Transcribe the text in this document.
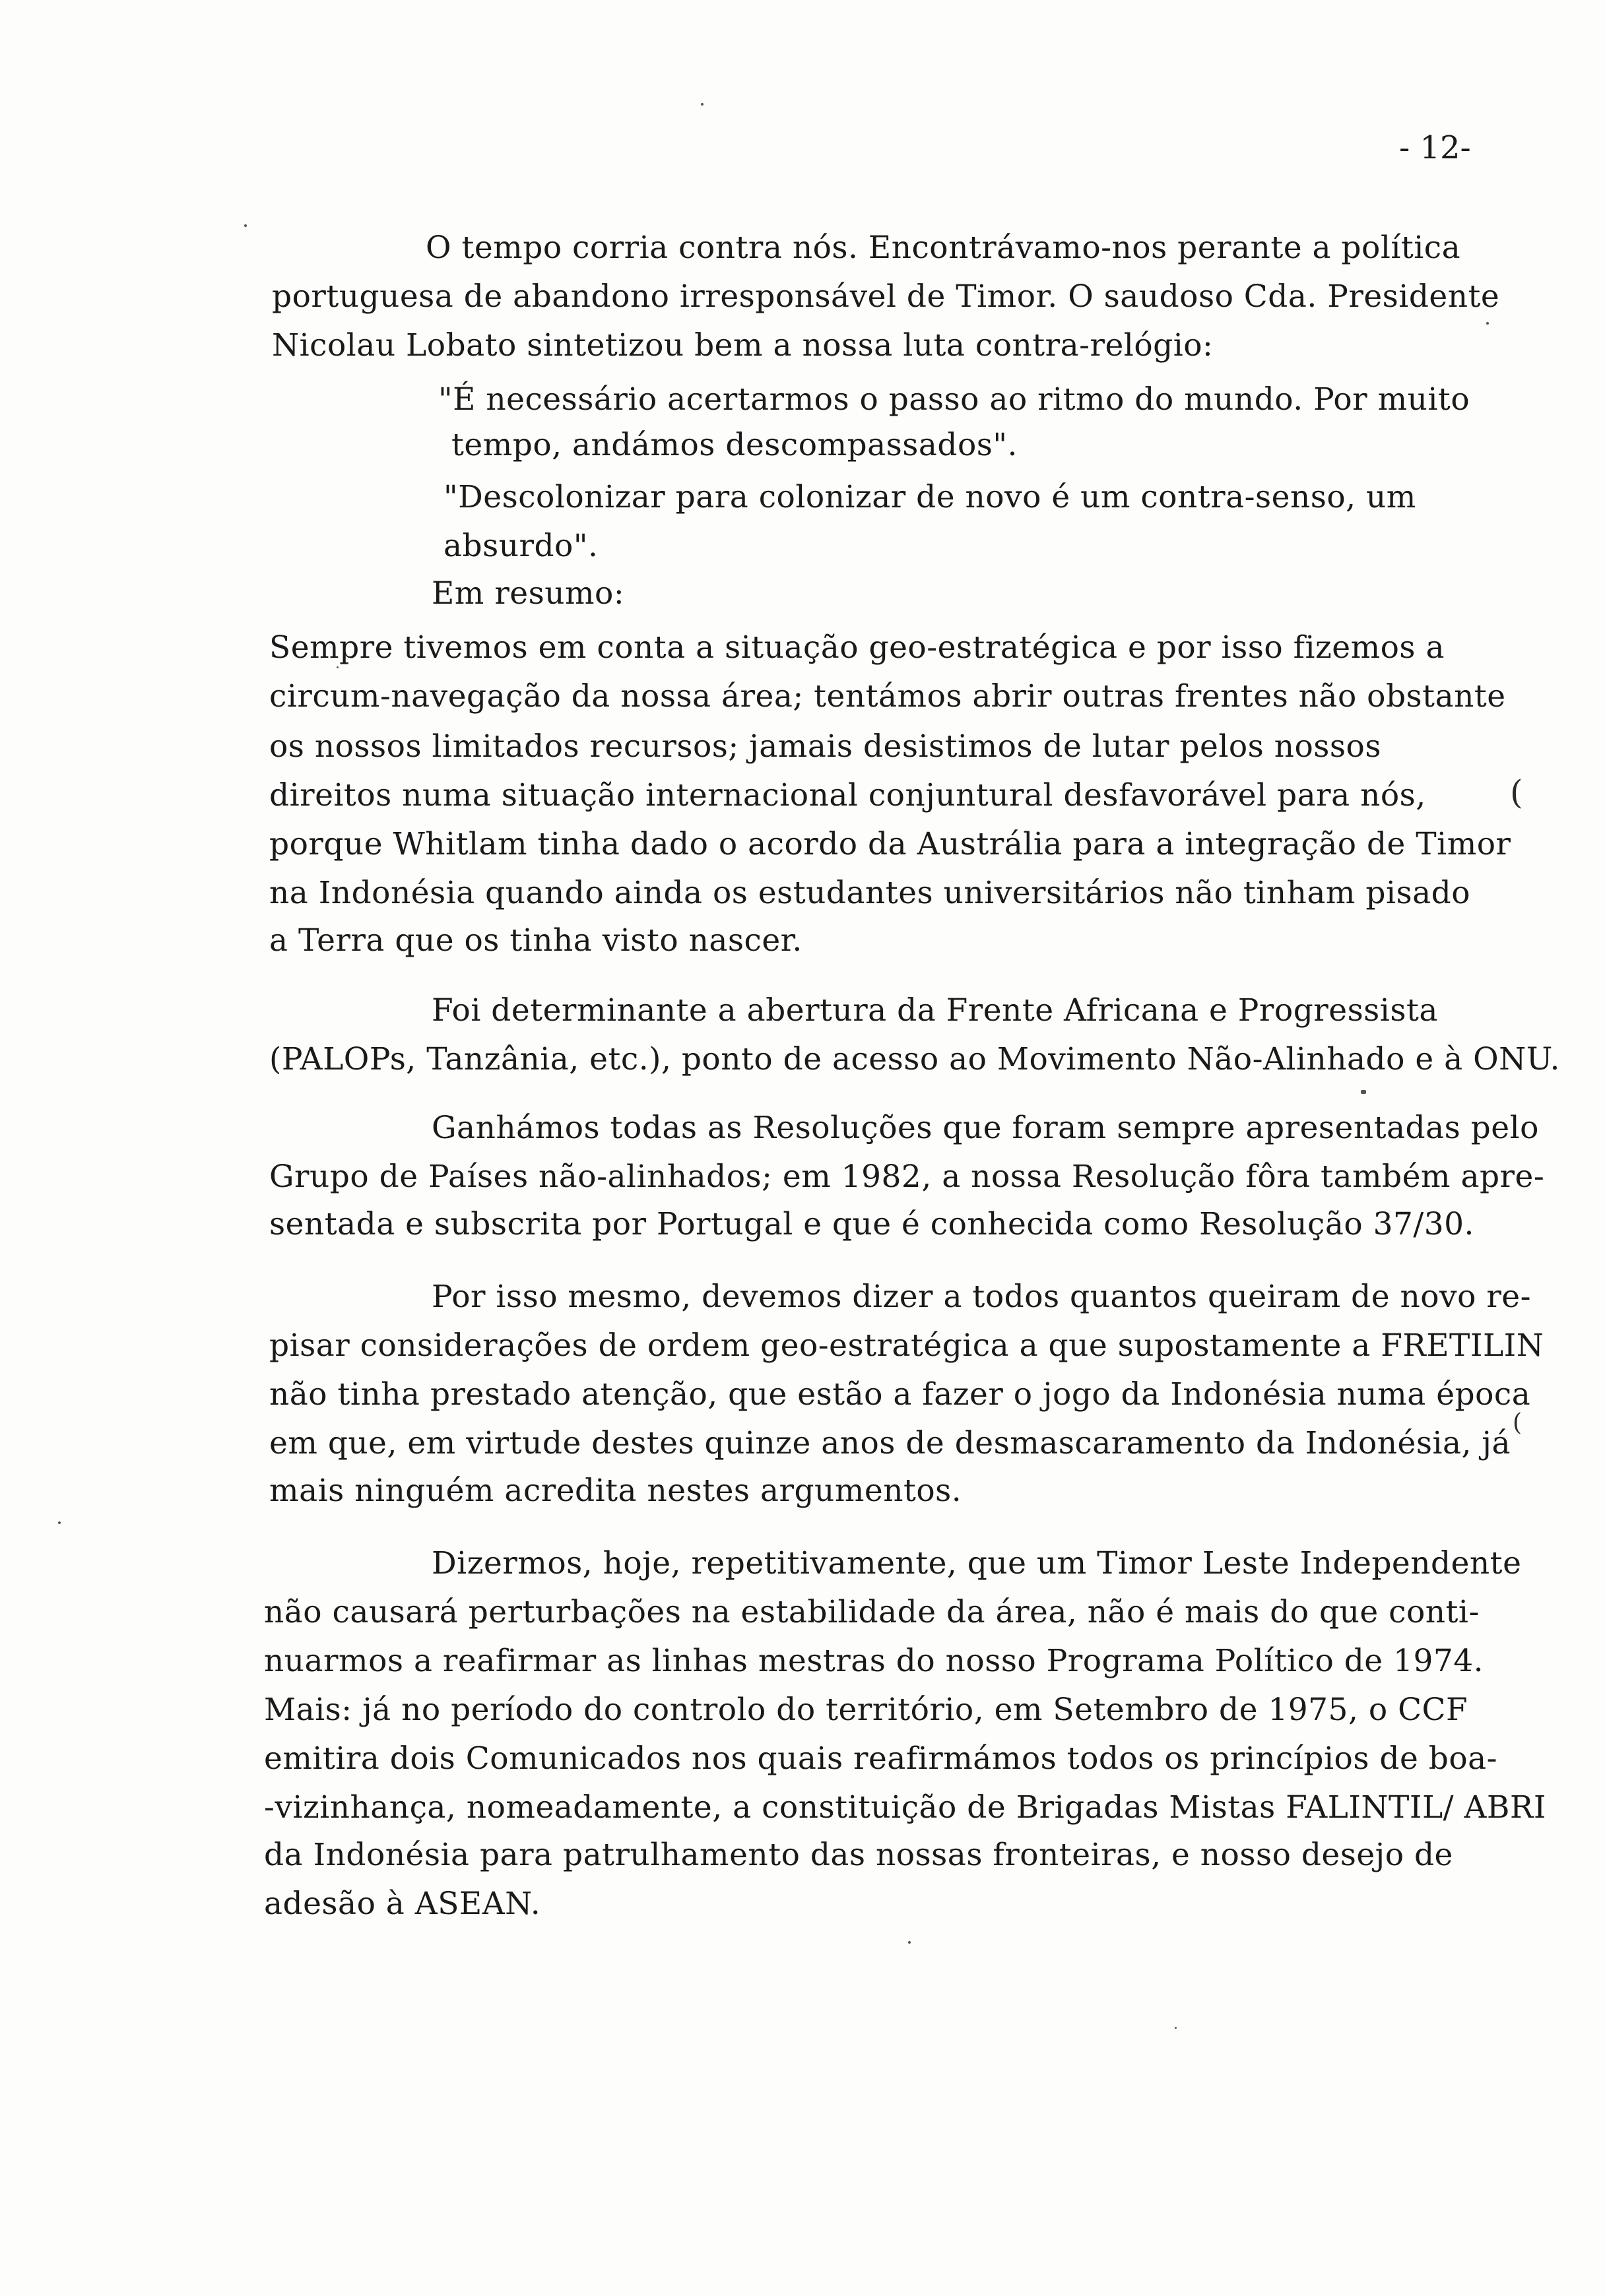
- 12-
O tempo corria contra nós. Encontrávamo-nos perante a política
portuguesa de abandono irresponsável de Timor. O saudoso Cda. Presidente
Nicolau Lobato sintetizou bem a nossa luta contra-relógio:
"É necessário acertarmos o passo ao ritmo do mundo. Por muito
tempo, andámos descompassados".
"Descolonizar para colonizar de novo é um contra-senso, um
absurdo".
Em resumo:
Sempre tivemos em conta a situação geo-estratégica e por isso fizemos a
circum-navegação da nossa área; tentámos abrir outras frentes não obstante
os nossos limitados recursos; jamais desistimos de lutar pelos nossos
direitos numa situação internacional conjuntural desfavorável para nós,
porque Whitlam tinha dado o acordo da Austrália para a integração de Timor
na Indonésia quando ainda os estudantes universitários não tinham pisado
a Terra que os tinha visto nascer.
Foi determinante a abertura da Frente Africana e Progressista
(PALOPs, Tanzânia, etc.), ponto de acesso ao Movimento Não-Alinhado e à ONU.
Ganhámos todas as Resoluções que foram sempre apresentadas pelo
Grupo de Países não-alinhados; em 1982, a nossa Resolução fôra também apre-
sentada e subscrita por Portugal e que é conhecida como Resolução 37/30.
Por isso mesmo, devemos dizer a todos quantos queiram de novo re-
pisar considerações de ordem geo-estratégica a que supostamente a FRETILIN
não tinha prestado atenção, que estão a fazer o jogo da Indonésia numa época
em que, em virtude destes quinze anos de desmascaramento da Indonésia, já
mais ninguém acredita nestes argumentos.
Dizermos, hoje, repetitivamente, que um Timor Leste Independente
não causará perturbações na estabilidade da área, não é mais do que conti-
nuarmos a reafirmar as linhas mestras do nosso Programa Político de 1974.
Mais: já no período do controlo do território, em Setembro de 1975, o CCF
emitira dois Comunicados nos quais reafirmámos todos os princípios de boa-
-vizinhança, nomeadamente, a constituição de Brigadas Mistas FALINTIL/ ABRI
da Indonésia para patrulhamento das nossas fronteiras, e nosso desejo de
adesão à ASEAN.
(
(
